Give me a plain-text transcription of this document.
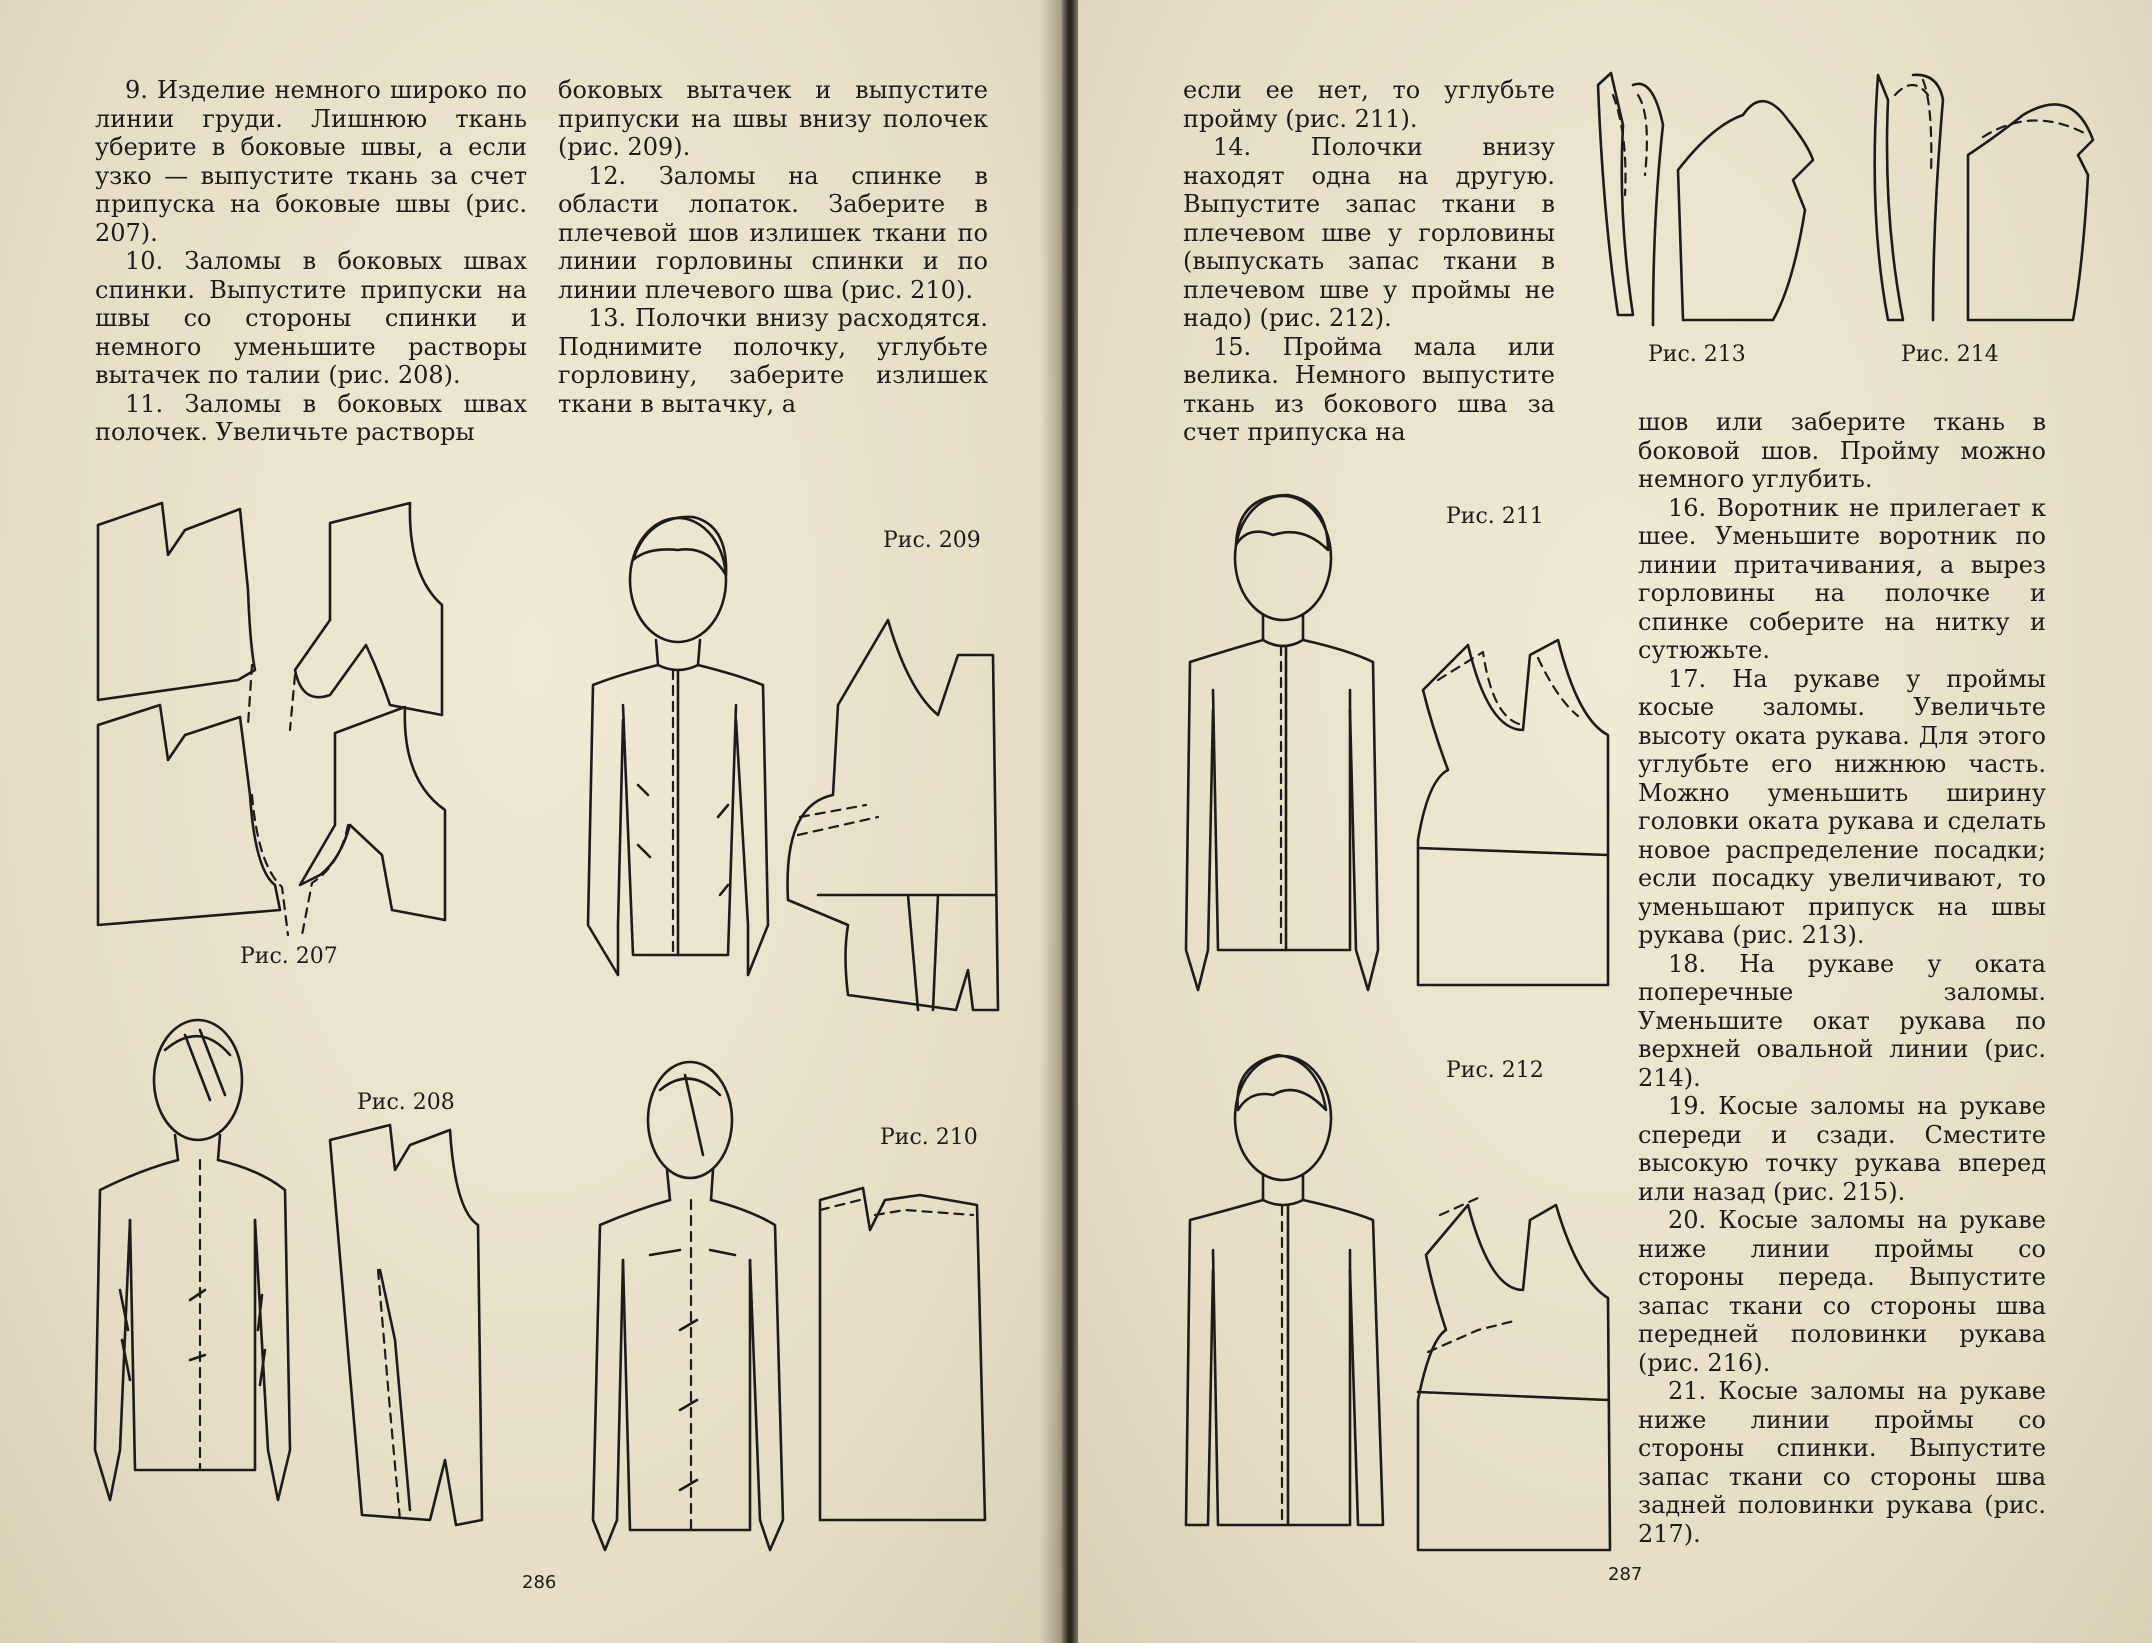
9. Изделие немного широко по линии груди. Лишнюю ткань уберите в боковые швы, а если узко — выпустите ткань за счет припуска на боковые швы (рис. 207).

10. Заломы в боковых швах спинки. Выпустите припуски на швы со стороны спинки и немного уменьшите растворы вытачек по талии (рис. 208).

11. Заломы в боковых швах полочек. Увеличьте растворы

боковых вытачек и выпустите припуски на швы внизу полочек (рис. 209).

12. Заломы на спинке в области лопаток. Заберите в плечевой шов излишек ткани по линии горловины спинки и по линии плечевого шва (рис. 210).

13. Полочки внизу расходятся. Поднимите полочку, углубьте горловину, заберите излишек ткани в вытачку, а

Рис. 207
Рис. 209
Рис. 208
Рис. 210
286

если ее нет, то углубьте пройму (рис. 211).

14. Полочки внизу находят одна на другую. Выпустите запас ткани в плечевом шве у горловины (выпускать запас ткани в плечевом шве у проймы не надо) (рис. 212).

15. Пройма мала или велика. Немного выпустите ткань из бокового шва за счет припуска на

Рис. 213	Рис. 214

шов или заберите ткань в боковой шов. Пройму можно немного углубить.

16. Воротник не прилегает к шее. Уменьшите воротник по линии притачивания, а вырез горловины на полочке и спинке соберите на нитку и сутюжьте.

17. На рукаве у проймы косые заломы. Увеличьте высоту оката рукава. Для этого углубьте его нижнюю часть. Можно уменьшить ширину головки оката рукава и сделать новое распределение посадки; если посадку увеличивают, то уменьшают припуск на швы рукава (рис. 213).

18. На рукаве у оката поперечные заломы. Уменьшите окат рукава по верхней овальной линии (рис. 214).

19. Косые заломы на рукаве спереди и сзади. Сместите высокую точку рукава вперед или назад (рис. 215).

20. Косые заломы на рукаве ниже линии проймы со стороны переда. Выпустите запас ткани со стороны шва передней половинки рукава (рис. 216).

21. Косые заломы на рукаве ниже линии проймы со стороны спинки. Выпустите запас ткани со стороны шва задней половинки рукава (рис. 217).

Рис. 211
Рис. 212
287
